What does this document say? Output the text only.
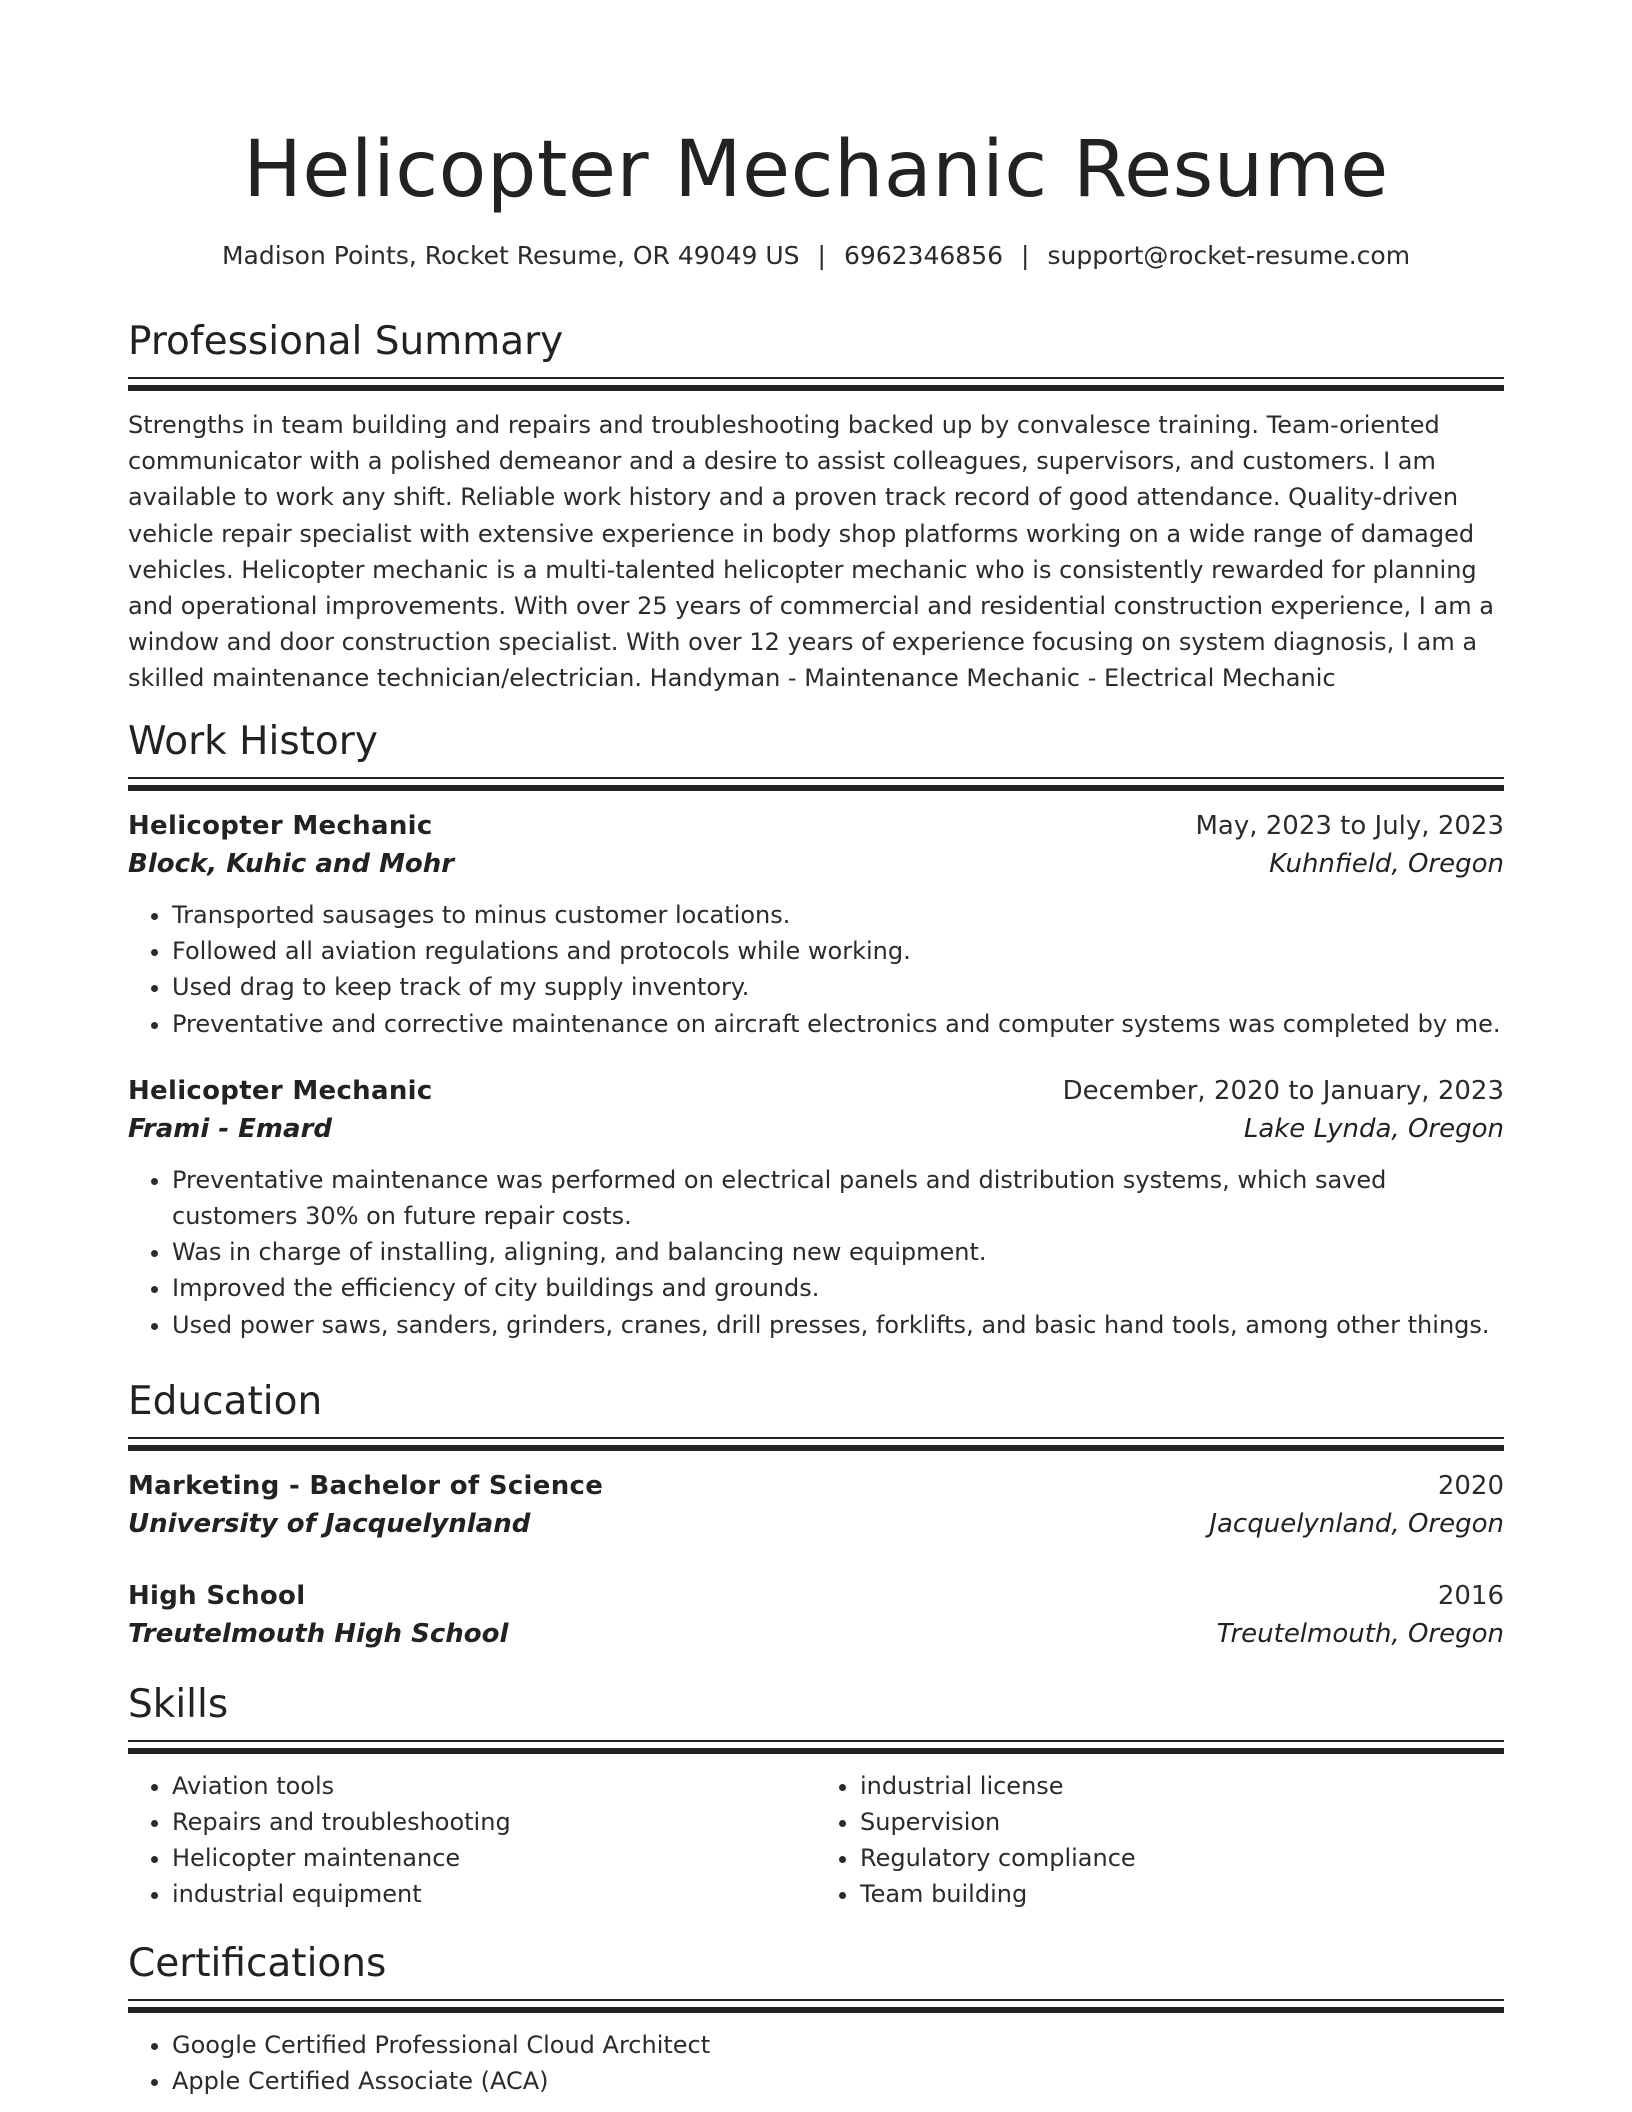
Helicopter Mechanic Resume
Madison Points, Rocket Resume, OR 49049 US | 6962346856 | support@rocket-resume.com
Professional Summary
Strengths in team building and repairs and troubleshooting backed up by convalesce training. Team-oriented communicator with a polished demeanor and a desire to assist colleagues, supervisors, and customers. I am available to work any shift. Reliable work history and a proven track record of good attendance. Quality-driven vehicle repair specialist with extensive experience in body shop platforms working on a wide range of damaged vehicles. Helicopter mechanic is a multi-talented helicopter mechanic who is consistently rewarded for planning and operational improvements. With over 25 years of commercial and residential construction experience, I am a window and door construction specialist. With over 12 years of experience focusing on system diagnosis, I am a skilled maintenance technician/electrician. Handyman - Maintenance Mechanic - Electrical Mechanic
Work History
Helicopter Mechanic	May, 2023 to July, 2023
Block, Kuhic and Mohr	Kuhnfield, Oregon
• Transported sausages to minus customer locations.
• Followed all aviation regulations and protocols while working.
• Used drag to keep track of my supply inventory.
• Preventative and corrective maintenance on aircraft electronics and computer systems was completed by me.
Helicopter Mechanic	December, 2020 to January, 2023
Frami - Emard	Lake Lynda, Oregon
• Preventative maintenance was performed on electrical panels and distribution systems, which saved customers 30% on future repair costs.
• Was in charge of installing, aligning, and balancing new equipment.
• Improved the efficiency of city buildings and grounds.
• Used power saws, sanders, grinders, cranes, drill presses, forklifts, and basic hand tools, among other things.
Education
Marketing - Bachelor of Science	2020
University of Jacquelynland	Jacquelynland, Oregon
High School	2016
Treutelmouth High School	Treutelmouth, Oregon
Skills
• Aviation tools
• Repairs and troubleshooting
• Helicopter maintenance
• industrial equipment
• industrial license
• Supervision
• Regulatory compliance
• Team building
Certifications
• Google Certified Professional Cloud Architect
• Apple Certified Associate (ACA)
